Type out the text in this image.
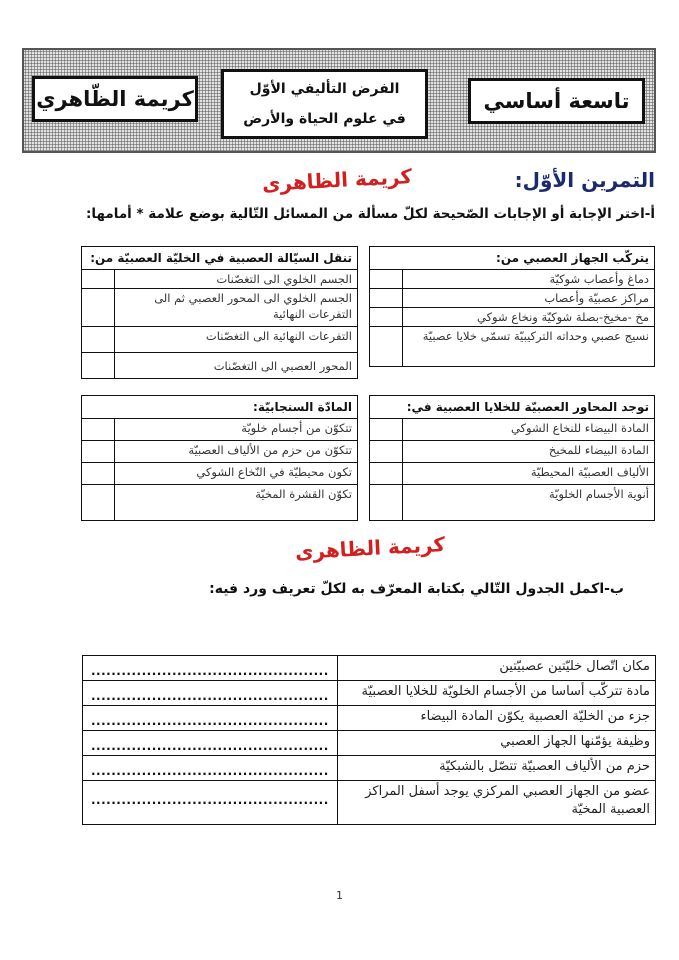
كريمة الظّاهري	الفرض التأليفي الأوّل
في علوم الحياة والأرض
تاسعة أساسي
التمرين الأوّل:
كريمة الظاهرى
أ-اختر الإجابة أو الإجابات الصّحيحة لكلّ مسألة من المسائل التّالية بوضع علامة * أمامها:
يتركّب الجهاز العصبي من:	
دماغ وأعصاب شوكيّة	
مراكز عصبيّة وأعصاب	
مخ -مخيخ-بصلة شوكيّة ونخاع شوكي	
نسيج عصبي وحداته التركيبيّة تسمّى خلايا عصبيّة	
تنقل السيّالة العصبية في الخليّة العصبيّة من:	
الجسم الخلوي الى التغصّنات	
الجسم الخلوي الى المحور العصبي ثم الى التفرعات النهائية	
التفرعات النهائية الى التغصّنات	
المحور العصبي الى التغصّنات	
توجد المحاور العصبيّة للخلايا العصبية في:	
المادة البيضاء للنخاع الشوكي	
المادة البيضاء للمخيخ	
الألياف العصبيّة المحيطيّة	
أنوية الأجسام الخلويّة	
المادّة السنجابيّة:	
تتكوّن من أجسام خلويّة	
تتكوّن من حزم من الألياف العصبيّة	
تكون محيطيّة في النّخاع الشوكي	
تكوّن القشرة المخيّة	
كريمة الظاهرى
ب-اكمل الجدول التّالي بكتابة المعرّف به لكلّ تعريف ورد فيه:
مكان اتّصال خليّتين عصبيّتين	...............................................
مادة تتركّب أساسا من الأجسام الخلويّة للخلايا العصبيّة	...............................................
جزء من الخليّة العصبية يكوّن المادة البيضاء	...............................................
وظيفة يؤمّنها الجهاز العصبي	...............................................
حزم من الألياف العصبيّة تتصّل بالشبكيّة	...............................................
عضو من الجهاز العصبي المركزي يوجد أسفل المراكز العصبية المخيّة	...............................................
1
